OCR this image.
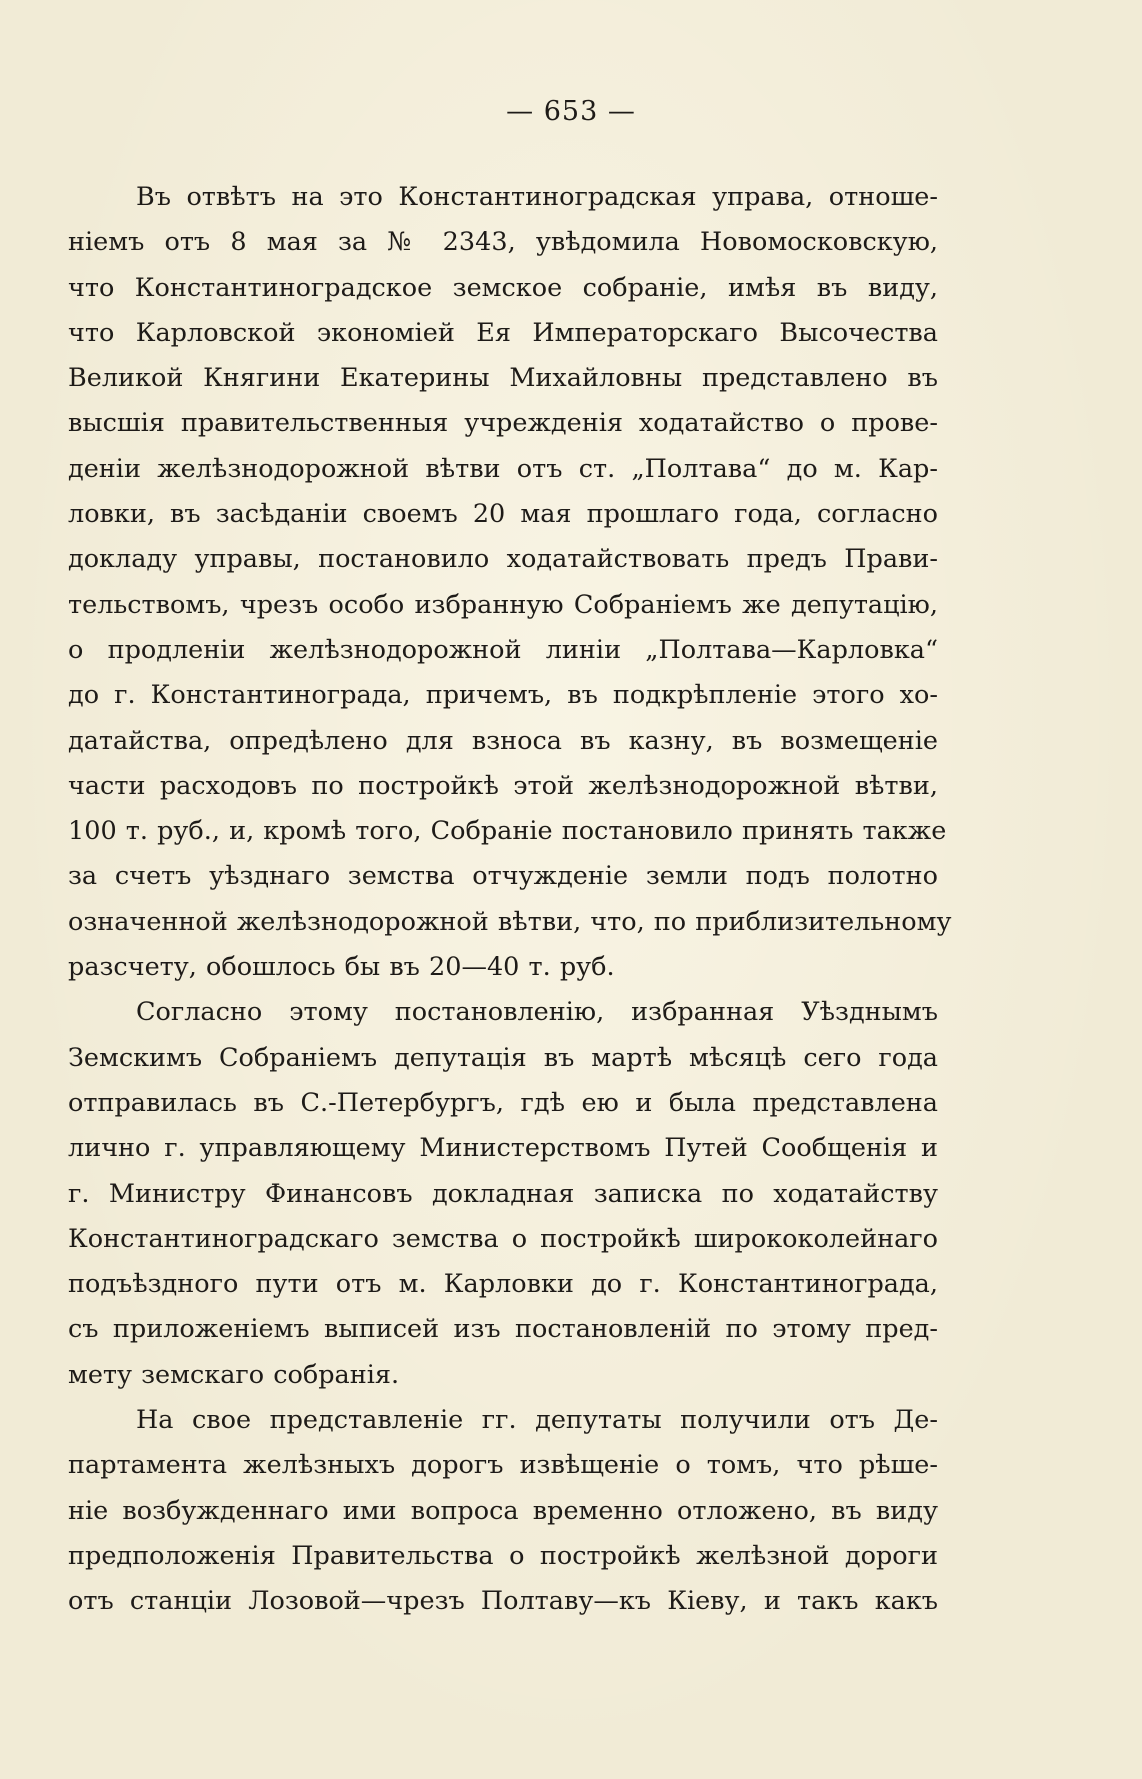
— 653 —
Въ отвѣтъ на это Константиноградская управа, отноше-
ніемъ отъ 8 мая за № 2343, увѣдомила Новомосковскую,
что Константиноградское земское собраніе, имѣя въ виду,
что Карловской экономіей Ея Императорскаго Высочества
Великой Княгини Екатерины Михайловны представлено въ
высшія правительственныя учрежденія ходатайство о прове-
деніи желѣзнодорожной вѣтви отъ ст. „Полтава“ до м. Кар-
ловки, въ засѣданіи своемъ 20 мая прошлаго года, согласно
докладу управы, постановило ходатайствовать предъ Прави-
тельствомъ, чрезъ особо избранную Собраніемъ же депутацію,
о продленіи желѣзнодорожной линіи „Полтава—Карловка“
до г. Константинограда, причемъ, въ подкрѣпленіе этого хо-
датайства, опредѣлено для взноса въ казну, въ возмещеніе
части расходовъ по постройкѣ этой желѣзнодорожной вѣтви,
100 т. руб., и, кромѣ того, Собраніе постановило принять также
за счетъ уѣзднаго земства отчужденіе земли подъ полотно
означенной желѣзнодорожной вѣтви, что, по приблизительному
разсчету, обошлось бы въ 20—40 т. руб.
Согласно этому постановленію, избранная Уѣзднымъ
Земскимъ Собраніемъ депутація въ мартѣ мѣсяцѣ сего года
отправилась въ С.-Петербургъ, гдѣ ею и была представлена
лично г. управляющему Министерствомъ Путей Сообщенія и
г. Министру Финансовъ докладная записка по ходатайству
Константиноградскаго земства о постройкѣ ширококолейнаго
подъѣздного пути отъ м. Карловки до г. Константинограда,
съ приложеніемъ выписей изъ постановленій по этому пред-
мету земскаго собранія.
На свое представленіе гг. депутаты получили отъ Де-
партамента желѣзныхъ дорогъ извѣщеніе о томъ, что рѣше-
ніе возбужденнаго ими вопроса временно отложено, въ виду
предположенія Правительства о постройкѣ желѣзной дороги
отъ станціи Лозовой—чрезъ Полтаву—къ Кіеву, и такъ какъ
